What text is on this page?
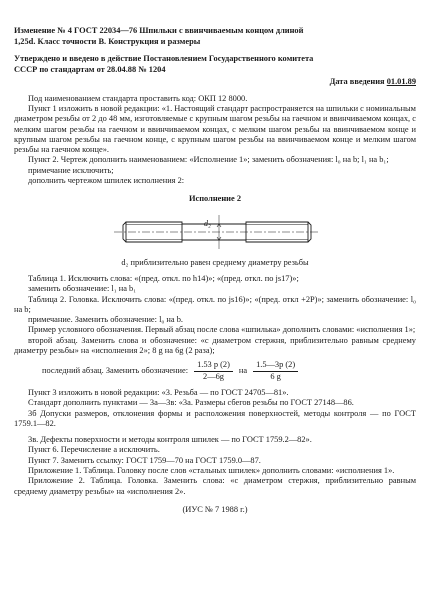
Изменение № 4 ГОСТ 22034—76 Шпильки с ввинчиваемым концом длиной
1,25d. Класс точности В. Конструкция и размеры
Утверждено и введено в действие Постановлением Государственного комитета
СССР по стандартам от 28.04.88 № 1204
Дата введения 01.01.89
Под наименованием стандарта проставить код: ОКП 12 8000.
Пункт 1 изложить в новой редакции: «1. Настоящий стандарт распространяется на шпильки с номинальным диаметром резьбы от 2 до 48 мм, изготовляемые с крупным шагом резьбы на гаечном и ввинчиваемом концах, с мелким шагом резьбы на гаечном и ввинчиваемом концах, с мелким шагом резьбы на ввинчиваемом конце и крупным шагом резьбы на гаечном конце, с крупным шагом резьбы на ввинчиваемом конце и мелким шагом резьбы на гаечном конце».
Пункт 2. Чертеж дополнить наименованием: «Исполнение 1»; заменить обозначения: l₀ на b; l₁ на b₁;
примечание исключить;
дополнить чертежом шпилек исполнения 2:
Исполнение 2
d₂
d₂ приблизительно равен среднему диаметру резьбы
Таблица 1. Исключить слова: «(пред. откл. по h14)»; «(пред. откл. по js17)»;
заменить обозначение: l₁ на b₁
Таблица 2. Головка. Исключить слова: «(пред. откл. по js16)»; «(пред. откл +2P)»; заменить обозначение: l₀ на b;
примечание. Заменить обозначение: l₀ на b.
Пример условного обозначения. Первый абзац после слова «шпилька» дополнить словами: «исполнения 1»;
второй абзац. Заменить слова и обозначение: «с диаметром стержня, приблизительно равным среднему диаметру резьбы» на «исполнения 2»; 8 g на 6g (2 раза);
последний абзац. Заменить обозначение: $\frac{1.53 p (2)}{2—6g}$ на $\frac{1.5—3p (2)}{6 g}$
Пункт 3 изложить в новой редакции: «3. Резьба — по ГОСТ 24705—81».
Стандарт дополнить пунктами — 3а—3в: «3а. Размеры сбегов резьбы по ГОСТ 27148—86.
3б Допуски размеров, отклонения формы и расположения поверхностей, методы контроля — по ГОСТ 1759.1—82.
3в. Дефекты поверхности и методы контроля шпилек — по ГОСТ 1759.2—82».
Пункт 6. Перечисление а исключить.
Пункт 7. Заменить ссылку: ГОСТ 1759—70 на ГОСТ 1759.0—87.
Приложение 1. Таблица. Головку после слов «стальных шпилек» дополнить словами: «исполнения 1».
Приложение 2. Таблица. Головка. Заменить слова: «с диаметром стержня, приблизительно равным среднему диаметру резьбы» на «исполнения 2».
(ИУС № 7 1988 г.)
